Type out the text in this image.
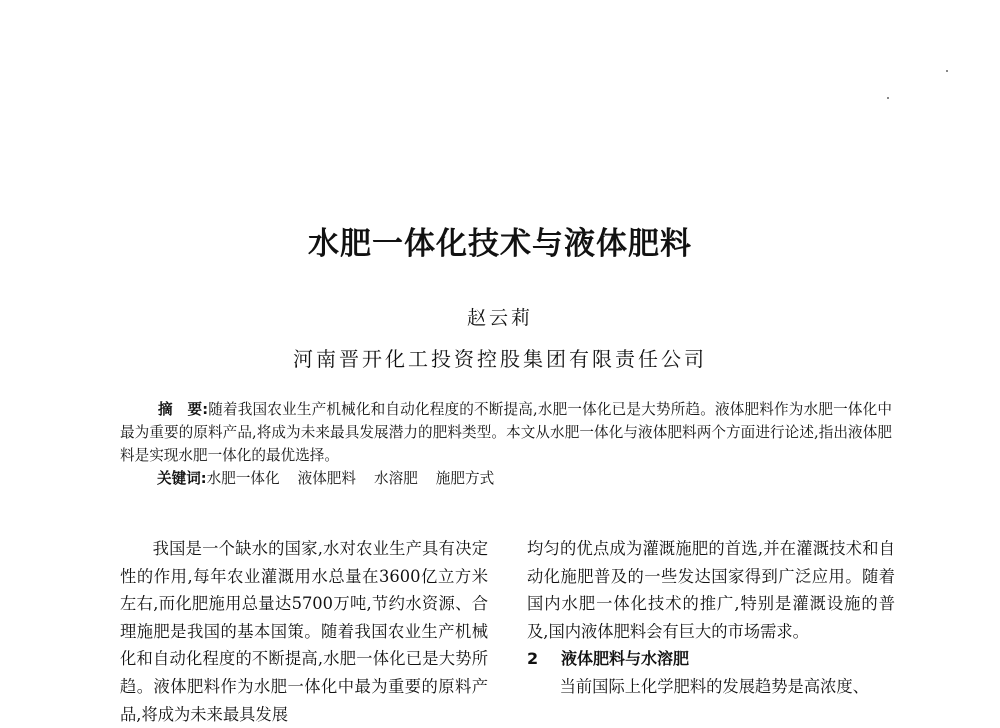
水肥一体化技术与液体肥料
赵云莉
河南晋开化工投资控股集团有限责任公司
摘　要:随着我国农业生产机械化和自动化程度的不断提高,水肥一体化已是大势所趋。液体肥料作为水肥一体化中最为重要的原料产品,将成为未来最具发展潜力的肥料类型。本文从水肥一体化与液体肥料两个方面进行论述,指出液体肥料是实现水肥一体化的最优选择。
关键词:水肥一体化 液体肥料 水溶肥 施肥方式

我国是一个缺水的国家,水对农业生产具有决定性的作用,每年农业灌溉用水总量在3600亿立方米左右,而化肥施用总量达5700万吨,节约水资源、合理施肥是我国的基本国策。随着我国农业生产机械化和自动化程度的不断提高,水肥一体化已是大势所趋。液体肥料作为水肥一体化中最为重要的原料产品,将成为未来最具发展

均匀的优点成为灌溉施肥的首选,并在灌溉技术和自动化施肥普及的一些发达国家得到广泛应用。随着国内水肥一体化技术的推广,特别是灌溉设施的普及,国内液体肥料会有巨大的市场需求。

2 液体肥料与水溶肥

当前国际上化学肥料的发展趋势是高浓度、
